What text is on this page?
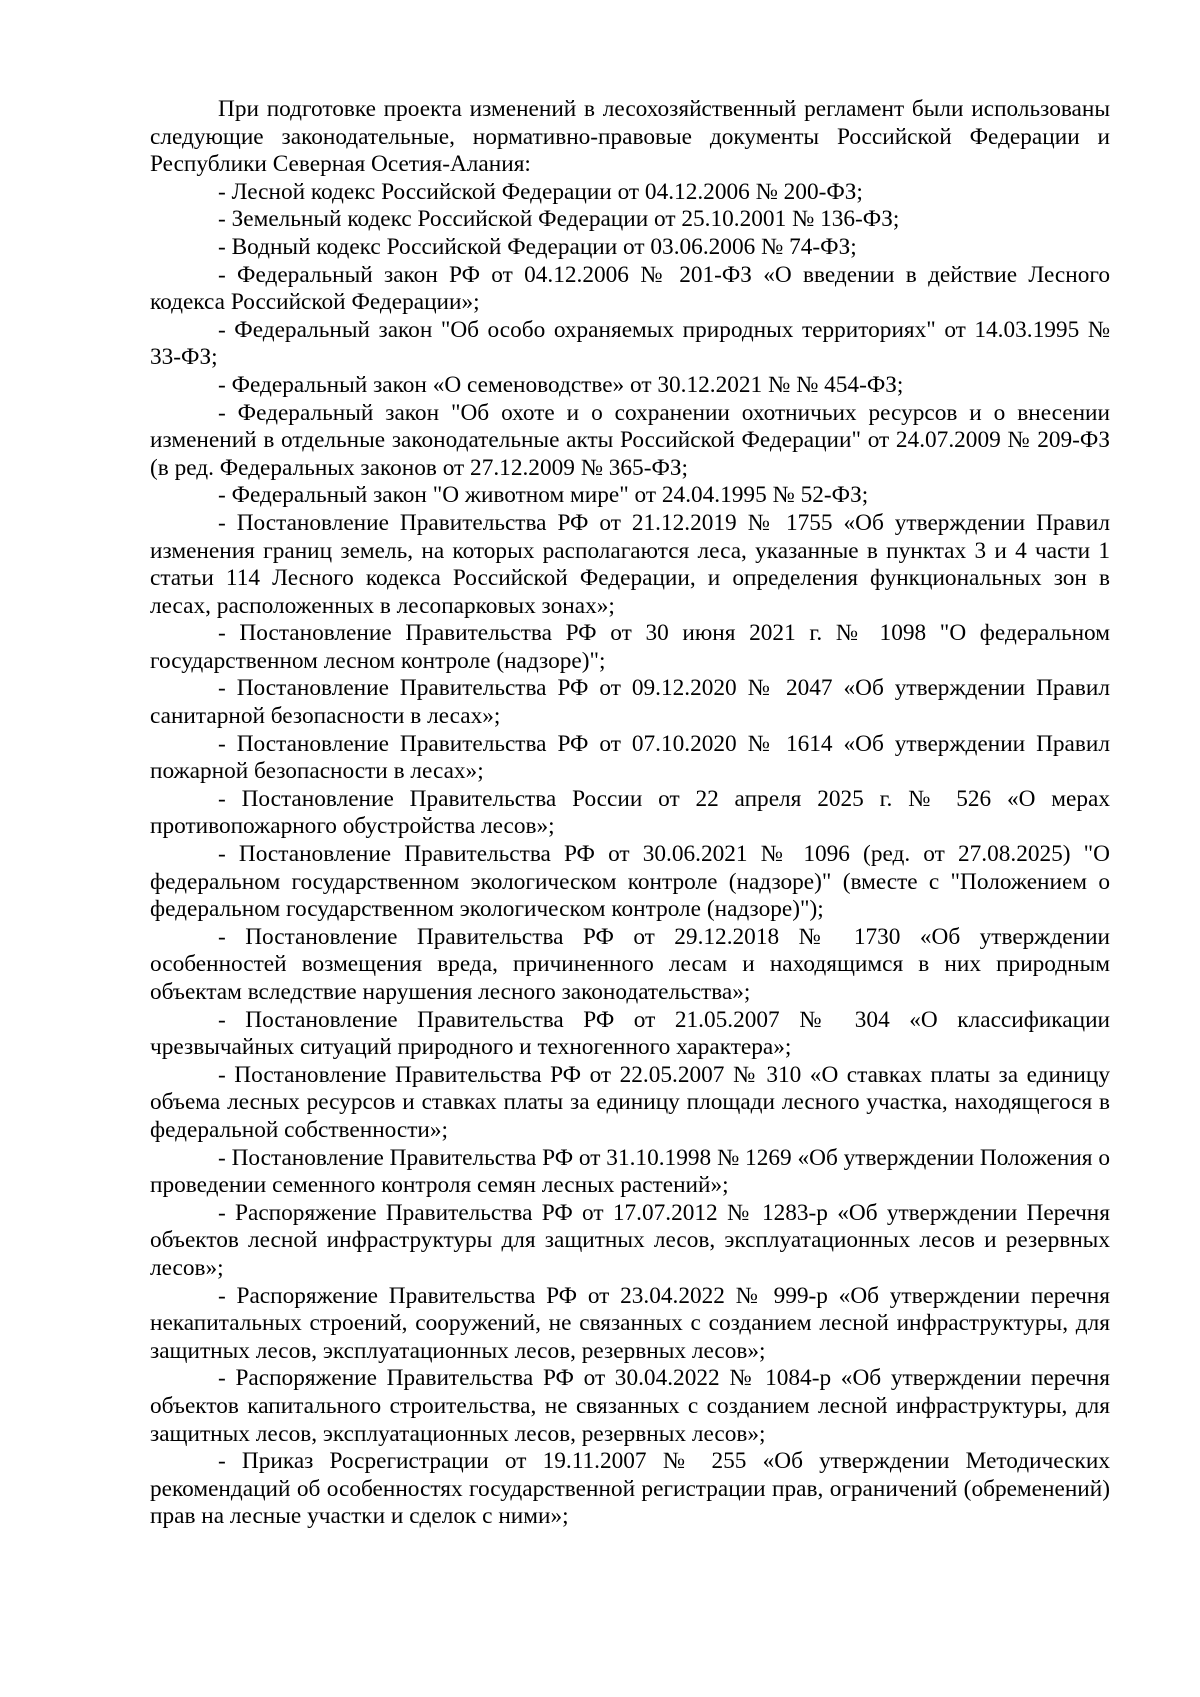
При подготовке проекта изменений в лесохозяйственный регламент были использованы следующие законодательные, нормативно-правовые документы Российской Федерации и Республики Северная Осетия-Алания:

- Лесной кодекс Российской Федерации от 04.12.2006 № 200-ФЗ;

- Земельный кодекс Российской Федерации от 25.10.2001 № 136-ФЗ;

- Водный кодекс Российской Федерации от 03.06.2006 № 74-ФЗ;

- Федеральный закон РФ от 04.12.2006 № 201-ФЗ «О введении в действие Лесного кодекса Российской Федерации»;

- Федеральный закон "Об особо охраняемых природных территориях" от 14.03.1995 № 33-ФЗ;

- Федеральный закон «О семеноводстве» от 30.12.2021 № № 454-ФЗ;

- Федеральный закон "Об охоте и о сохранении охотничьих ресурсов и о внесении изменений в отдельные законодательные акты Российской Федерации" от 24.07.2009 № 209-ФЗ (в ред. Федеральных законов от 27.12.2009 № 365-ФЗ;

- Федеральный закон "О животном мире" от 24.04.1995 № 52-ФЗ;

- Постановление Правительства РФ от 21.12.2019 № 1755 «Об утверждении Правил изменения границ земель, на которых располагаются леса, указанные в пунктах 3 и 4 части 1 статьи 114 Лесного кодекса Российской Федерации, и определения функциональных зон в лесах, расположенных в лесопарковых зонах»;

- Постановление Правительства РФ от 30 июня 2021 г. № 1098 "О федеральном государственном лесном контроле (надзоре)";

- Постановление Правительства РФ от 09.12.2020 № 2047 «Об утверждении Правил санитарной безопасности в лесах»;

- Постановление Правительства РФ от 07.10.2020 № 1614 «Об утверждении Правил пожарной безопасности в лесах»;

- Постановление Правительства России от 22 апреля 2025 г. № 526 «О мерах противопожарного обустройства лесов»;

- Постановление Правительства РФ от 30.06.2021 № 1096 (ред. от 27.08.2025) "О федеральном государственном экологическом контроле (надзоре)" (вместе с "Положением о федеральном государственном экологическом контроле (надзоре)");

- Постановление Правительства РФ от 29.12.2018 № 1730 «Об утверждении особенностей возмещения вреда, причиненного лесам и находящимся в них природным объектам вследствие нарушения лесного законодательства»;

- Постановление Правительства РФ от 21.05.2007 № 304 «О классификации чрезвычайных ситуаций природного и техногенного характера»;

- Постановление Правительства РФ от 22.05.2007 № 310 «О ставках платы за единицу объема лесных ресурсов и ставках платы за единицу площади лесного участка, находящегося в федеральной собственности»;

- Постановление Правительства РФ от 31.10.1998 № 1269 «Об утверждении Положения о проведении семенного контроля семян лесных растений»;

- Распоряжение Правительства РФ от 17.07.2012 № 1283-р «Об утверждении Перечня объектов лесной инфраструктуры для защитных лесов, эксплуатационных лесов и резервных лесов»;

- Распоряжение Правительства РФ от 23.04.2022 № 999-р «Об утверждении перечня некапитальных строений, сооружений, не связанных с созданием лесной инфраструктуры, для защитных лесов, эксплуатационных лесов, резервных лесов»;

- Распоряжение Правительства РФ от 30.04.2022 № 1084-р «Об утверждении перечня объектов капитального строительства, не связанных с созданием лесной инфраструктуры, для защитных лесов, эксплуатационных лесов, резервных лесов»;

- Приказ Росрегистрации от 19.11.2007 № 255 «Об утверждении Методических рекомендаций об особенностях государственной регистрации прав, ограничений (обременений) прав на лесные участки и сделок с ними»;
